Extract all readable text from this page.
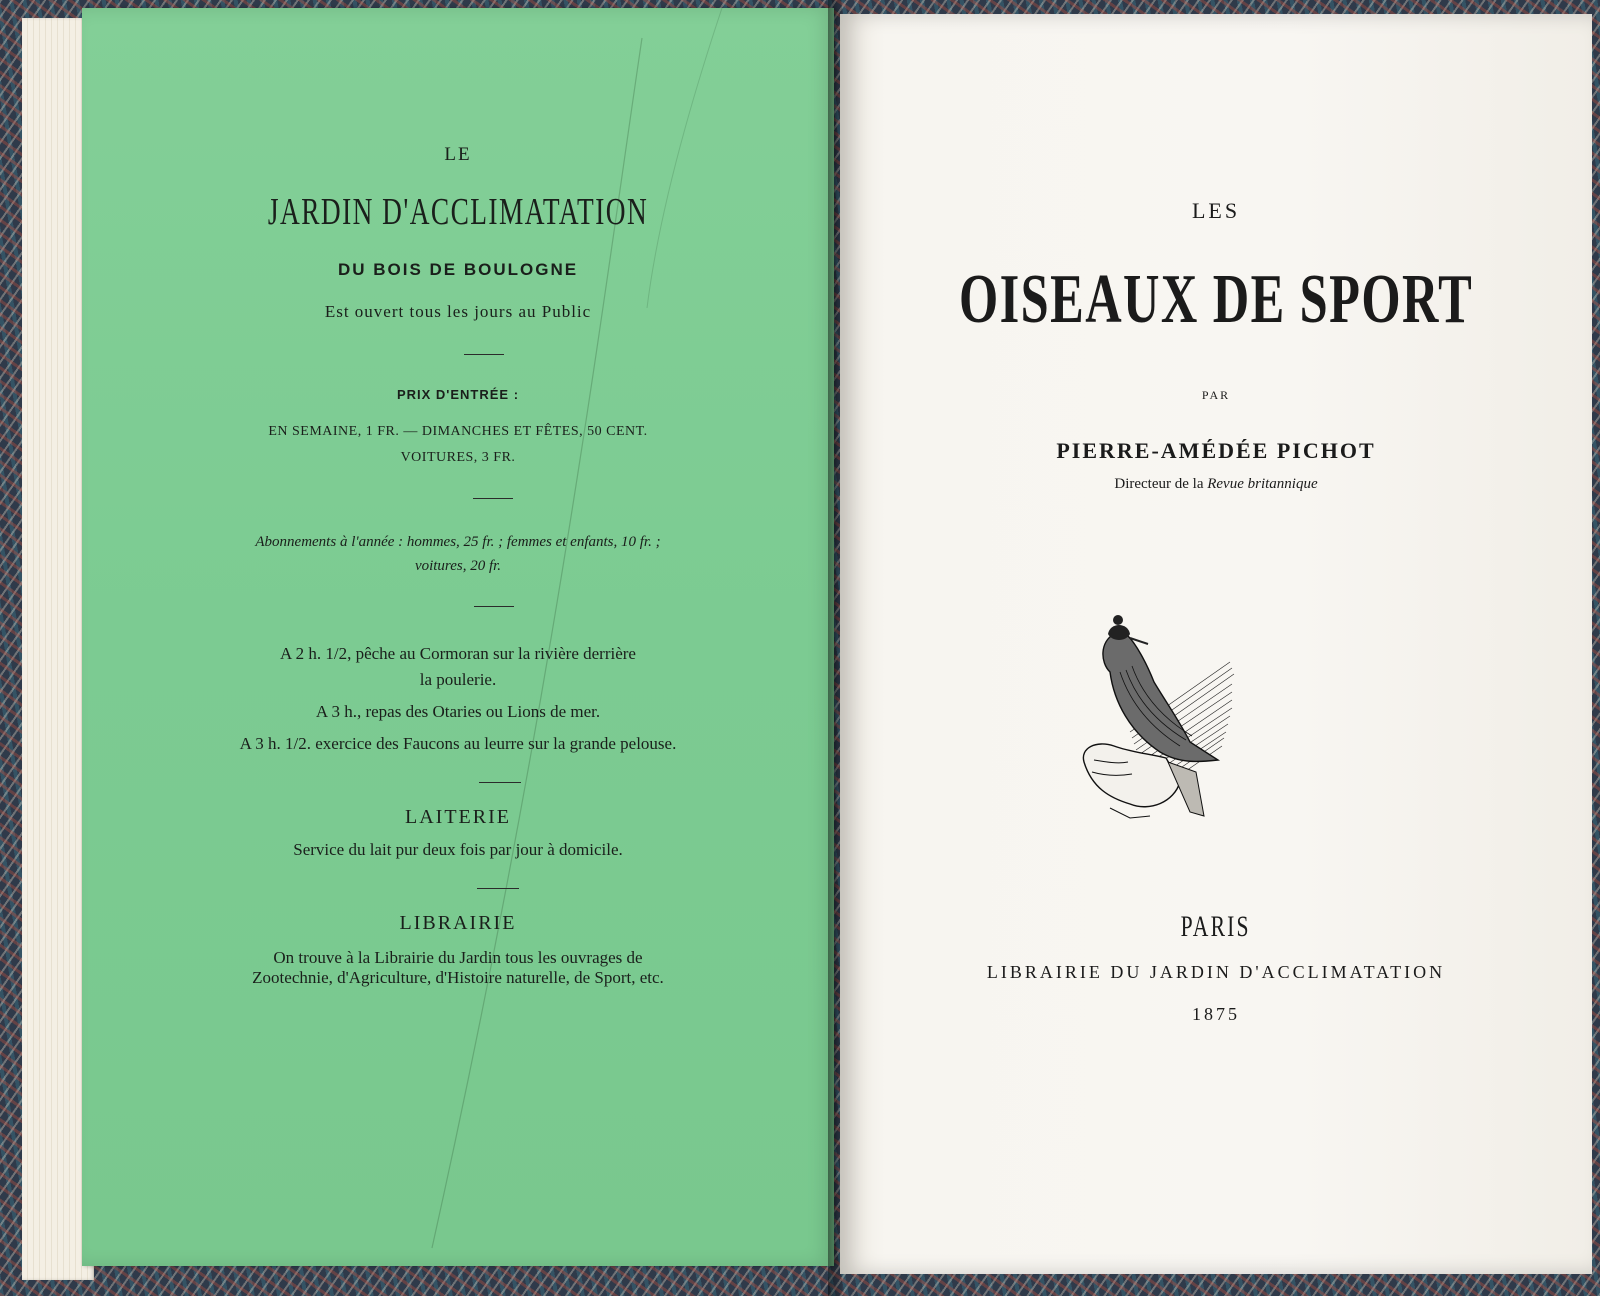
LE
JARDIN D'ACCLIMATATION
DU BOIS DE BOULOGNE
Est ouvert tous les jours au Public
PRIX D'ENTRÉE :
EN SEMAINE, 1 FR. — DIMANCHES ET FÊTES, 50 CENT.
VOITURES, 3 FR.
Abonnements à l'année : hommes, 25 fr. ; femmes et enfants, 10 fr. ;
voitures, 20 fr.
A 2 h. 1/2, pêche au Cormoran sur la rivière derrière
la poulerie.
A 3 h., repas des Otaries ou Lions de mer.
A 3 h. 1/2. exercice des Faucons au leurre sur la grande pelouse.
LAITERIE
Service du lait pur deux fois par jour à domicile.
LIBRAIRIE
On trouve à la Librairie du Jardin tous les ouvrages de
Zootechnie, d'Agriculture, d'Histoire naturelle, de Sport, etc.
LES
OISEAUX DE SPORT
PAR
PIERRE-AMÉDÉE PICHOT
Directeur de la Revue britannique
PARIS
LIBRAIRIE DU JARDIN D'ACCLIMATATION
1875
